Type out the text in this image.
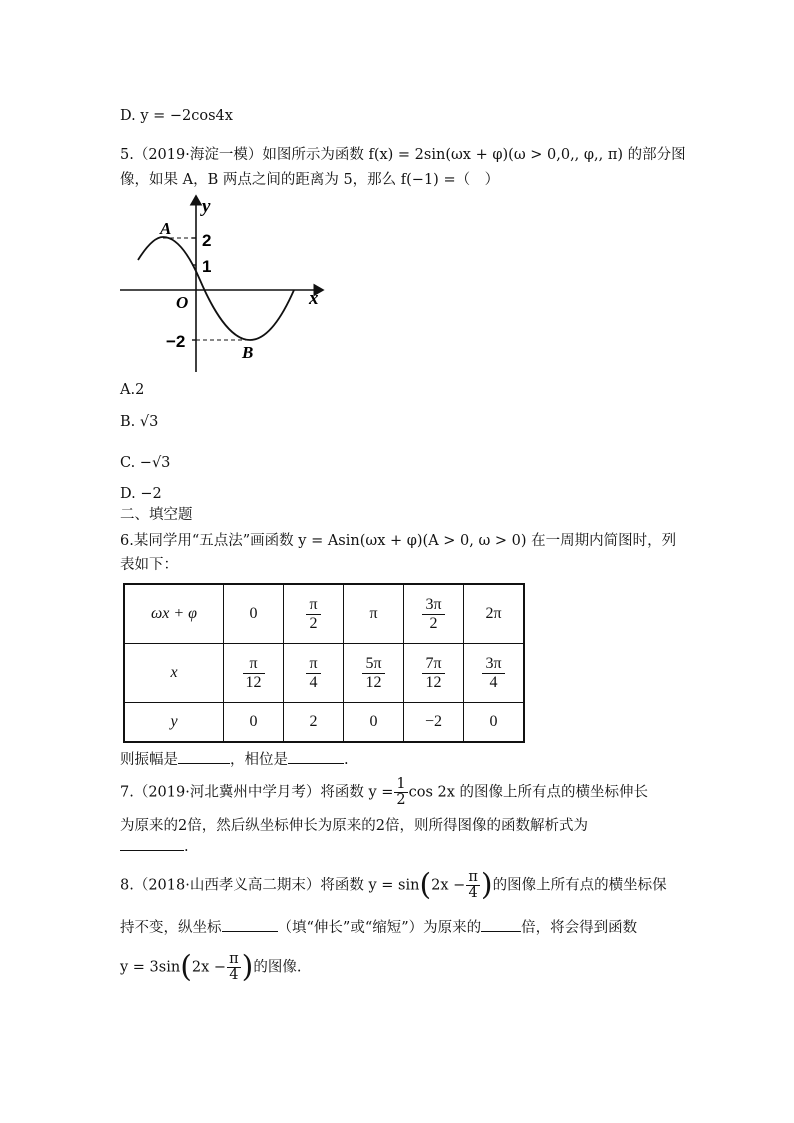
D. y = −2cos4x
5.（2019·海淀一模）如图所示为函数 f(x) = 2sin(ωx + φ)(ω > 0,0,, φ,, π) 的部分图
像，如果 A，B 两点之间的距离为 5，那么 f(−1) =（　）
y
x
O
2
1
−2
A
B
A.2
B. √3
C. −√3
D. −2
二、填空题
6.某同学用“五点法”画函数 y = Asin(ωx + φ)(A > 0, ω > 0) 在一周期内简图时，列
表如下：
ωx + φ	0	$\frac{\pi}{2}$	π	$\frac{3\pi}{2}$	2π
x	$\frac{\pi}{12}$	$\frac{\pi}{4}$	$\frac{5\pi}{12}$	$\frac{7\pi}{12}$	$\frac{3\pi}{4}$

y	0	2	0	−2	0
则振幅是	，相位是	.
7.（2019·河北冀州中学月考）将函数 $y = \frac{1}{2}$ cos 2x 的图像上所有点的横坐标伸长
为原来的2倍，然后纵坐标伸长为原来的2倍，则所得图像的函数解析式为
.
8.（2018·山西孝义高二期末）将函数 $y = \sin(2x - \frac{\pi}{4}$ )的图像上所有点的横坐标保
持不变，纵坐标	（填“伸长”或“缩短”）为原来的	倍，将会得到函数
$y = 3\sin(2x - \frac{\pi}{4}$ )的图像.
